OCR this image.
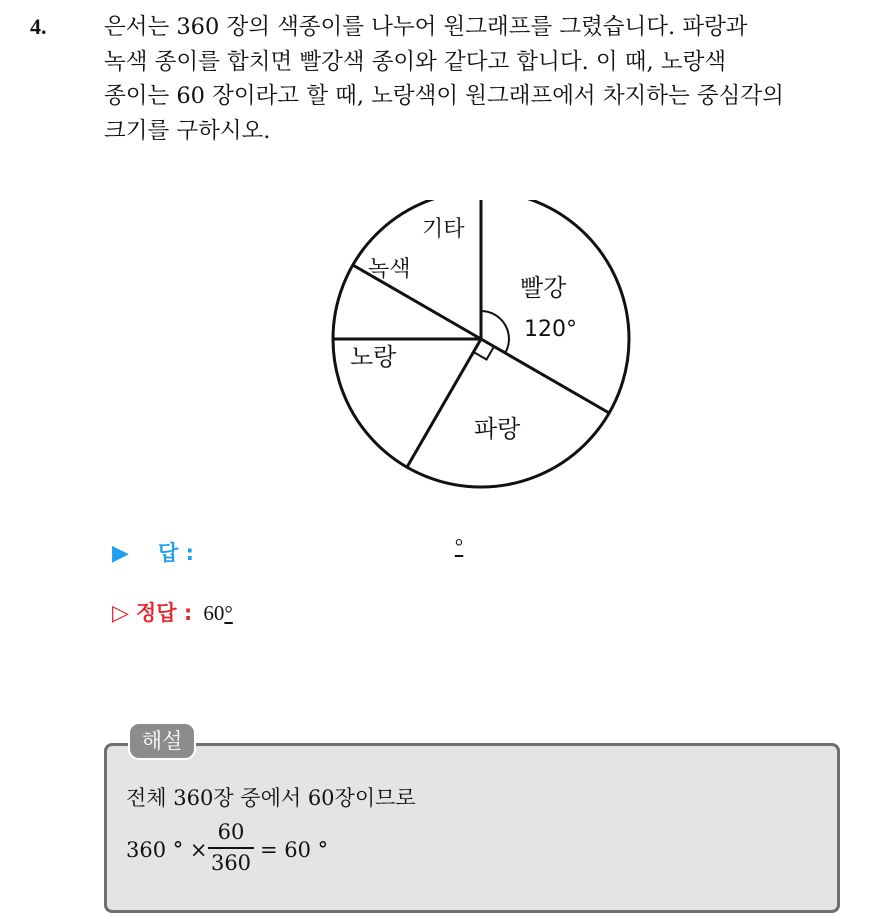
4.	은서는 360 장의 색종이를 나누어 원그래프를 그렸습니다. 파랑과
녹색 종이를 합치면 빨강색 종이와 같다고 합니다. 이 때, 노랑색
종이는 60 장이라고 할 때, 노랑색이 원그래프에서 차지하는 중심각의
크기를 구하시오.

빨강
120°
파랑
노랑
녹색
기타
▶ 답 :	°
▷ 정답 : 60°
해설
전체 360장 중에서 60장이므로
360 ° ×
60
360
= 60 °
